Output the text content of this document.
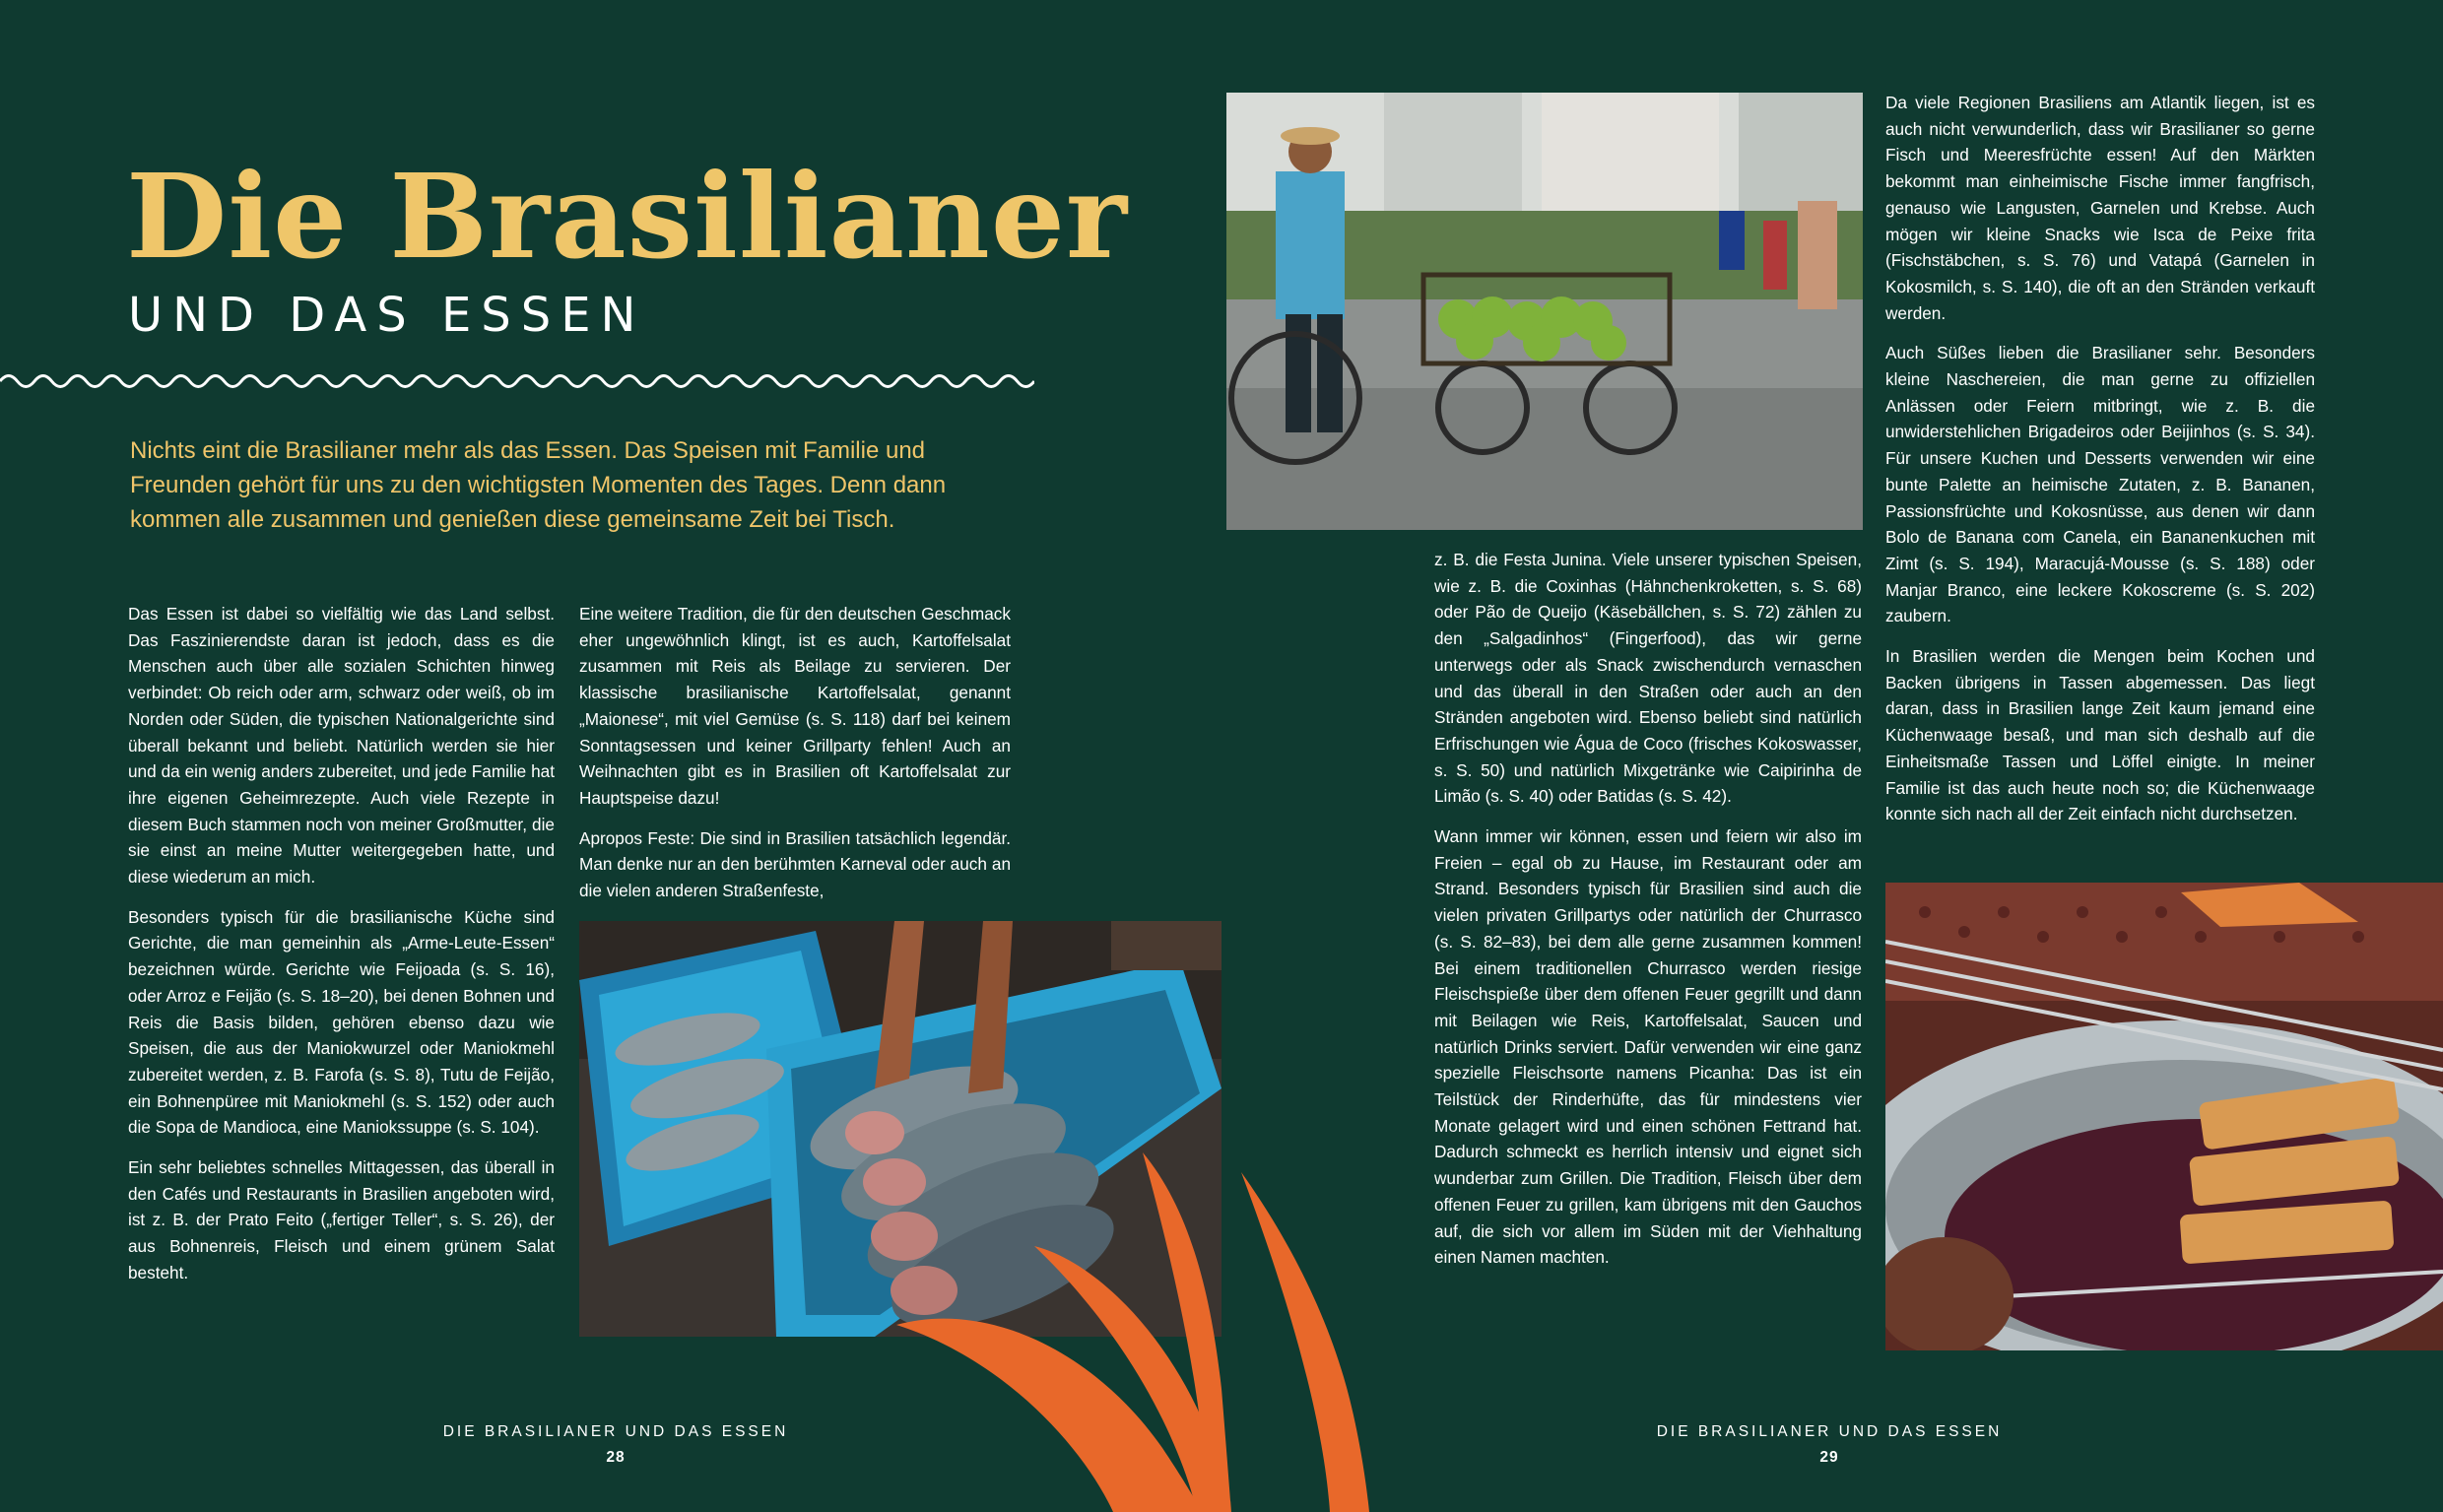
Die Brasilianer
UND DAS ESSEN

Nichts eint die Brasilianer mehr als das Essen. Das Speisen mit Familie und Freunden gehört für uns zu den wichtigsten Momenten des Tages. Denn dann kommen alle zusammen und genießen diese gemeinsame Zeit bei Tisch.

Das Essen ist dabei so vielfältig wie das Land selbst. Das Faszinierendste daran ist jedoch, dass es die Menschen auch über alle sozialen Schichten hinweg verbindet: Ob reich oder arm, schwarz oder weiß, ob im Norden oder Süden, die typischen Nationalgerichte sind überall bekannt und beliebt. Natürlich werden sie hier und da ein wenig anders zubereitet, und jede Familie hat ihre eigenen Geheimrezepte. Auch viele Rezepte in diesem Buch stammen noch von meiner Großmutter, die sie einst an meine Mutter weitergegeben hatte, und diese wiederum an mich.

Besonders typisch für die brasilianische Küche sind Gerichte, die man gemeinhin als „Arme-Leute-Essen“ bezeichnen würde. Gerichte wie Feijoada (s. S. 16), oder Arroz e Feijão (s. S. 18–20), bei denen Bohnen und Reis die Basis bilden, gehören ebenso dazu wie Speisen, die aus der Maniokwurzel oder Maniokmehl zubereitet werden, z. B. Farofa (s. S. 8), Tutu de Feijão, ein Bohnenpüree mit Maniokmehl (s. S. 152) oder auch die Sopa de Mandioca, eine Maniokssuppe (s. S. 104).

Ein sehr beliebtes schnelles Mittagessen, das überall in den Cafés und Restaurants in Brasilien angeboten wird, ist z. B. der Prato Feito („fertiger Teller“, s. S. 26), der aus Bohnenreis, Fleisch und einem grünem Salat besteht.

Eine weitere Tradition, die für den deutschen Geschmack eher ungewöhnlich klingt, ist es auch, Kartoffelsalat zusammen mit Reis als Beilage zu servieren. Der klassische brasilianische Kartoffelsalat, genannt „Maionese“, mit viel Gemüse (s. S. 118) darf bei keinem Sonntagsessen und keiner Grillparty fehlen! Auch an Weihnachten gibt es in Brasilien oft Kartoffelsalat zur Hauptspeise dazu!

Apropos Feste: Die sind in Brasilien tatsächlich legendär. Man denke nur an den berühmten Karneval oder auch an die vielen anderen Straßenfeste,

DIE BRASILIANER UND DAS ESSEN
28
DIE BRASILIANER UND DAS ESSEN
29

z. B. die Festa Junina. Viele unserer typischen Speisen, wie z. B. die Coxinhas (Hähnchenkroketten, s. S. 68) oder Pão de Queijo (Käsebällchen, s. S. 72) zählen zu den „Salgadinhos“ (Fingerfood), das wir gerne unterwegs oder als Snack zwischendurch vernaschen und das überall in den Straßen oder auch an den Stränden angeboten wird. Ebenso beliebt sind natürlich Erfrischungen wie Água de Coco (frisches Kokoswasser, s. S. 50) und natürlich Mixgetränke wie Caipirinha de Limão (s. S. 40) oder Batidas (s. S. 42).

Wann immer wir können, essen und feiern wir also im Freien – egal ob zu Hause, im Restaurant oder am Strand. Besonders typisch für Brasilien sind auch die vielen privaten Grillpartys oder natürlich der Churrasco (s. S. 82–83), bei dem alle gerne zusammen kommen! Bei einem traditionellen Churrasco werden riesige Fleischspieße über dem offenen Feuer gegrillt und dann mit Beilagen wie Reis, Kartoffelsalat, Saucen und natürlich Drinks serviert. Dafür verwenden wir eine ganz spezielle Fleischsorte namens Picanha: Das ist ein Teilstück der Rinderhüfte, das für mindestens vier Monate gelagert wird und einen schönen Fettrand hat. Dadurch schmeckt es herrlich intensiv und eignet sich wunderbar zum Grillen. Die Tradition, Fleisch über dem offenen Feuer zu grillen, kam übrigens mit den Gauchos auf, die sich vor allem im Süden mit der Viehhaltung einen Namen machten.

Da viele Regionen Brasiliens am Atlantik liegen, ist es auch nicht verwunderlich, dass wir Brasilianer so gerne Fisch und Meeresfrüchte essen! Auf den Märkten bekommt man einheimische Fische immer fangfrisch, genauso wie Langusten, Garnelen und Krebse. Auch mögen wir kleine Snacks wie Isca de Peixe frita (Fischstäbchen, s. S. 76) und Vatapá (Garnelen in Kokosmilch, s. S. 140), die oft an den Stränden verkauft werden.

Auch Süßes lieben die Brasilianer sehr. Besonders kleine Naschereien, die man gerne zu offiziellen Anlässen oder Feiern mitbringt, wie z. B. die unwiderstehlichen Brigadeiros oder Beijinhos (s. S. 34). Für unsere Kuchen und Desserts verwenden wir eine bunte Palette an heimische Zutaten, z. B. Bananen, Passionsfrüchte und Kokosnüsse, aus denen wir dann Bolo de Banana com Canela, ein Bananenkuchen mit Zimt (s. S. 194), Maracujá-Mousse (s. S. 188) oder Manjar Branco, eine leckere Kokoscreme (s. S. 202) zaubern.

In Brasilien werden die Mengen beim Kochen und Backen übrigens in Tassen abgemessen. Das liegt daran, dass in Brasilien lange Zeit kaum jemand eine Küchenwaage besaß, und man sich deshalb auf die Einheitsmaße Tassen und Löffel einigte. In meiner Familie ist das auch heute noch so; die Küchenwaage konnte sich nach all der Zeit einfach nicht durchsetzen.
